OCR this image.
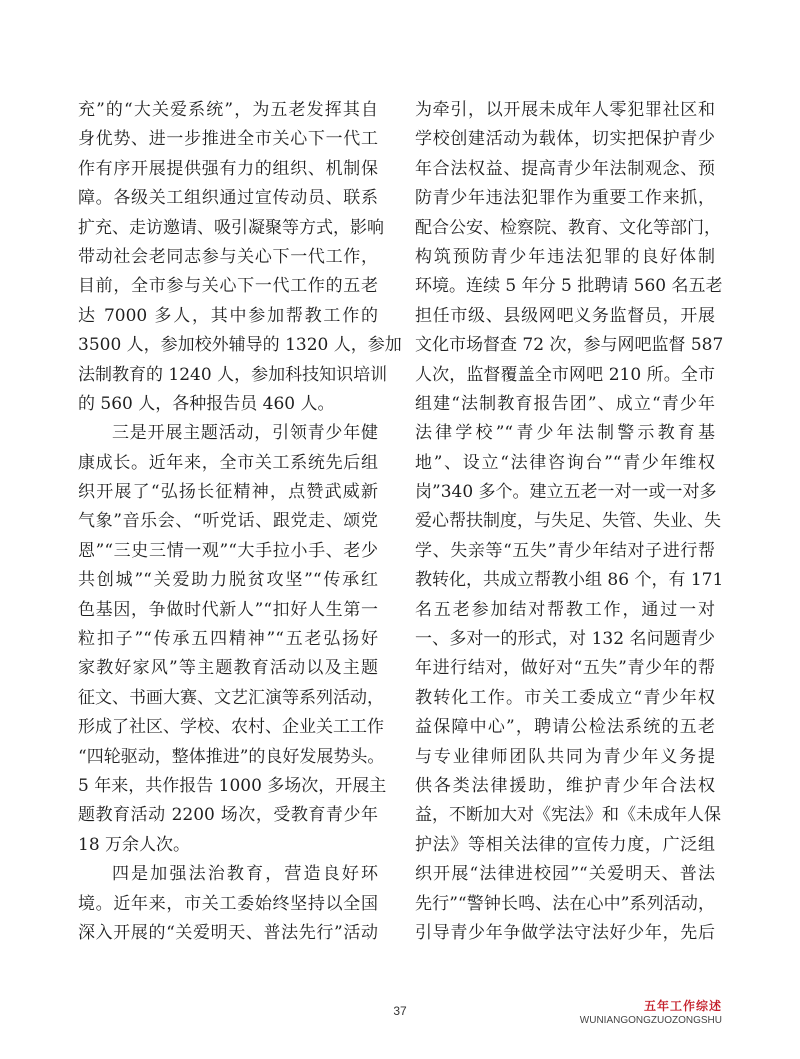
充”的“大关爱系统”，为五老发挥其自
身优势、进一步推进全市关心下一代工
作有序开展提供强有力的组织、机制保
障。各级关工组织通过宣传动员、联系
扩充、走访邀请、吸引凝聚等方式，影响
带动社会老同志参与关心下一代工作，
目前，全市参与关心下一代工作的五老
达 7000 多人，其中参加帮教工作的
3500 人，参加校外辅导的 1320 人，参加
法制教育的 1240 人，参加科技知识培训
的 560 人，各种报告员 460 人。
三是开展主题活动，引领青少年健
康成长。近年来，全市关工系统先后组
织开展了“弘扬长征精神，点赞武威新
气象”音乐会、“听党话、跟党走、颂党
恩”“三史三情一观”“大手拉小手、老少
共创城”“关爱助力脱贫攻坚”“传承红
色基因，争做时代新人”“扣好人生第一
粒扣子”“传承五四精神”“五老弘扬好
家教好家风”等主题教育活动以及主题
征文、书画大赛、文艺汇演等系列活动，
形成了社区、学校、农村、企业关工工作
“四轮驱动，整体推进”的良好发展势头。
5 年来，共作报告 1000 多场次，开展主
题教育活动 2200 场次，受教育青少年
18 万余人次。
四是加强法治教育，营造良好环
境。近年来，市关工委始终坚持以全国
深入开展的“关爱明天、普法先行”活动
为牵引，以开展未成年人零犯罪社区和
学校创建活动为载体，切实把保护青少
年合法权益、提高青少年法制观念、预
防青少年违法犯罪作为重要工作来抓，
配合公安、检察院、教育、文化等部门，
构筑预防青少年违法犯罪的良好体制
环境。连续 5 年分 5 批聘请 560 名五老
担任市级、县级网吧义务监督员，开展
文化市场督查 72 次，参与网吧监督 587
人次，监督覆盖全市网吧 210 所。全市
组建“法制教育报告团”、成立“青少年
法律学校”“青少年法制警示教育基
地”、设立“法律咨询台”“青少年维权
岗”340 多个。建立五老一对一或一对多
爱心帮扶制度，与失足、失管、失业、失
学、失亲等“五失”青少年结对子进行帮
教转化，共成立帮教小组 86 个，有 171
名五老参加结对帮教工作，通过一对
一、多对一的形式，对 132 名问题青少
年进行结对，做好对“五失”青少年的帮
教转化工作。市关工委成立“青少年权
益保障中心”，聘请公检法系统的五老
与专业律师团队共同为青少年义务提
供各类法律援助，维护青少年合法权
益，不断加大对《宪法》和《未成年人保
护法》等相关法律的宣传力度，广泛组
织开展“法律进校园”“关爱明天、普法
先行”“警钟长鸣、法在心中”系列活动，
引导青少年争做学法守法好少年，先后
37	五年工作综述
WUNIANGONGZUOZONGSHU
